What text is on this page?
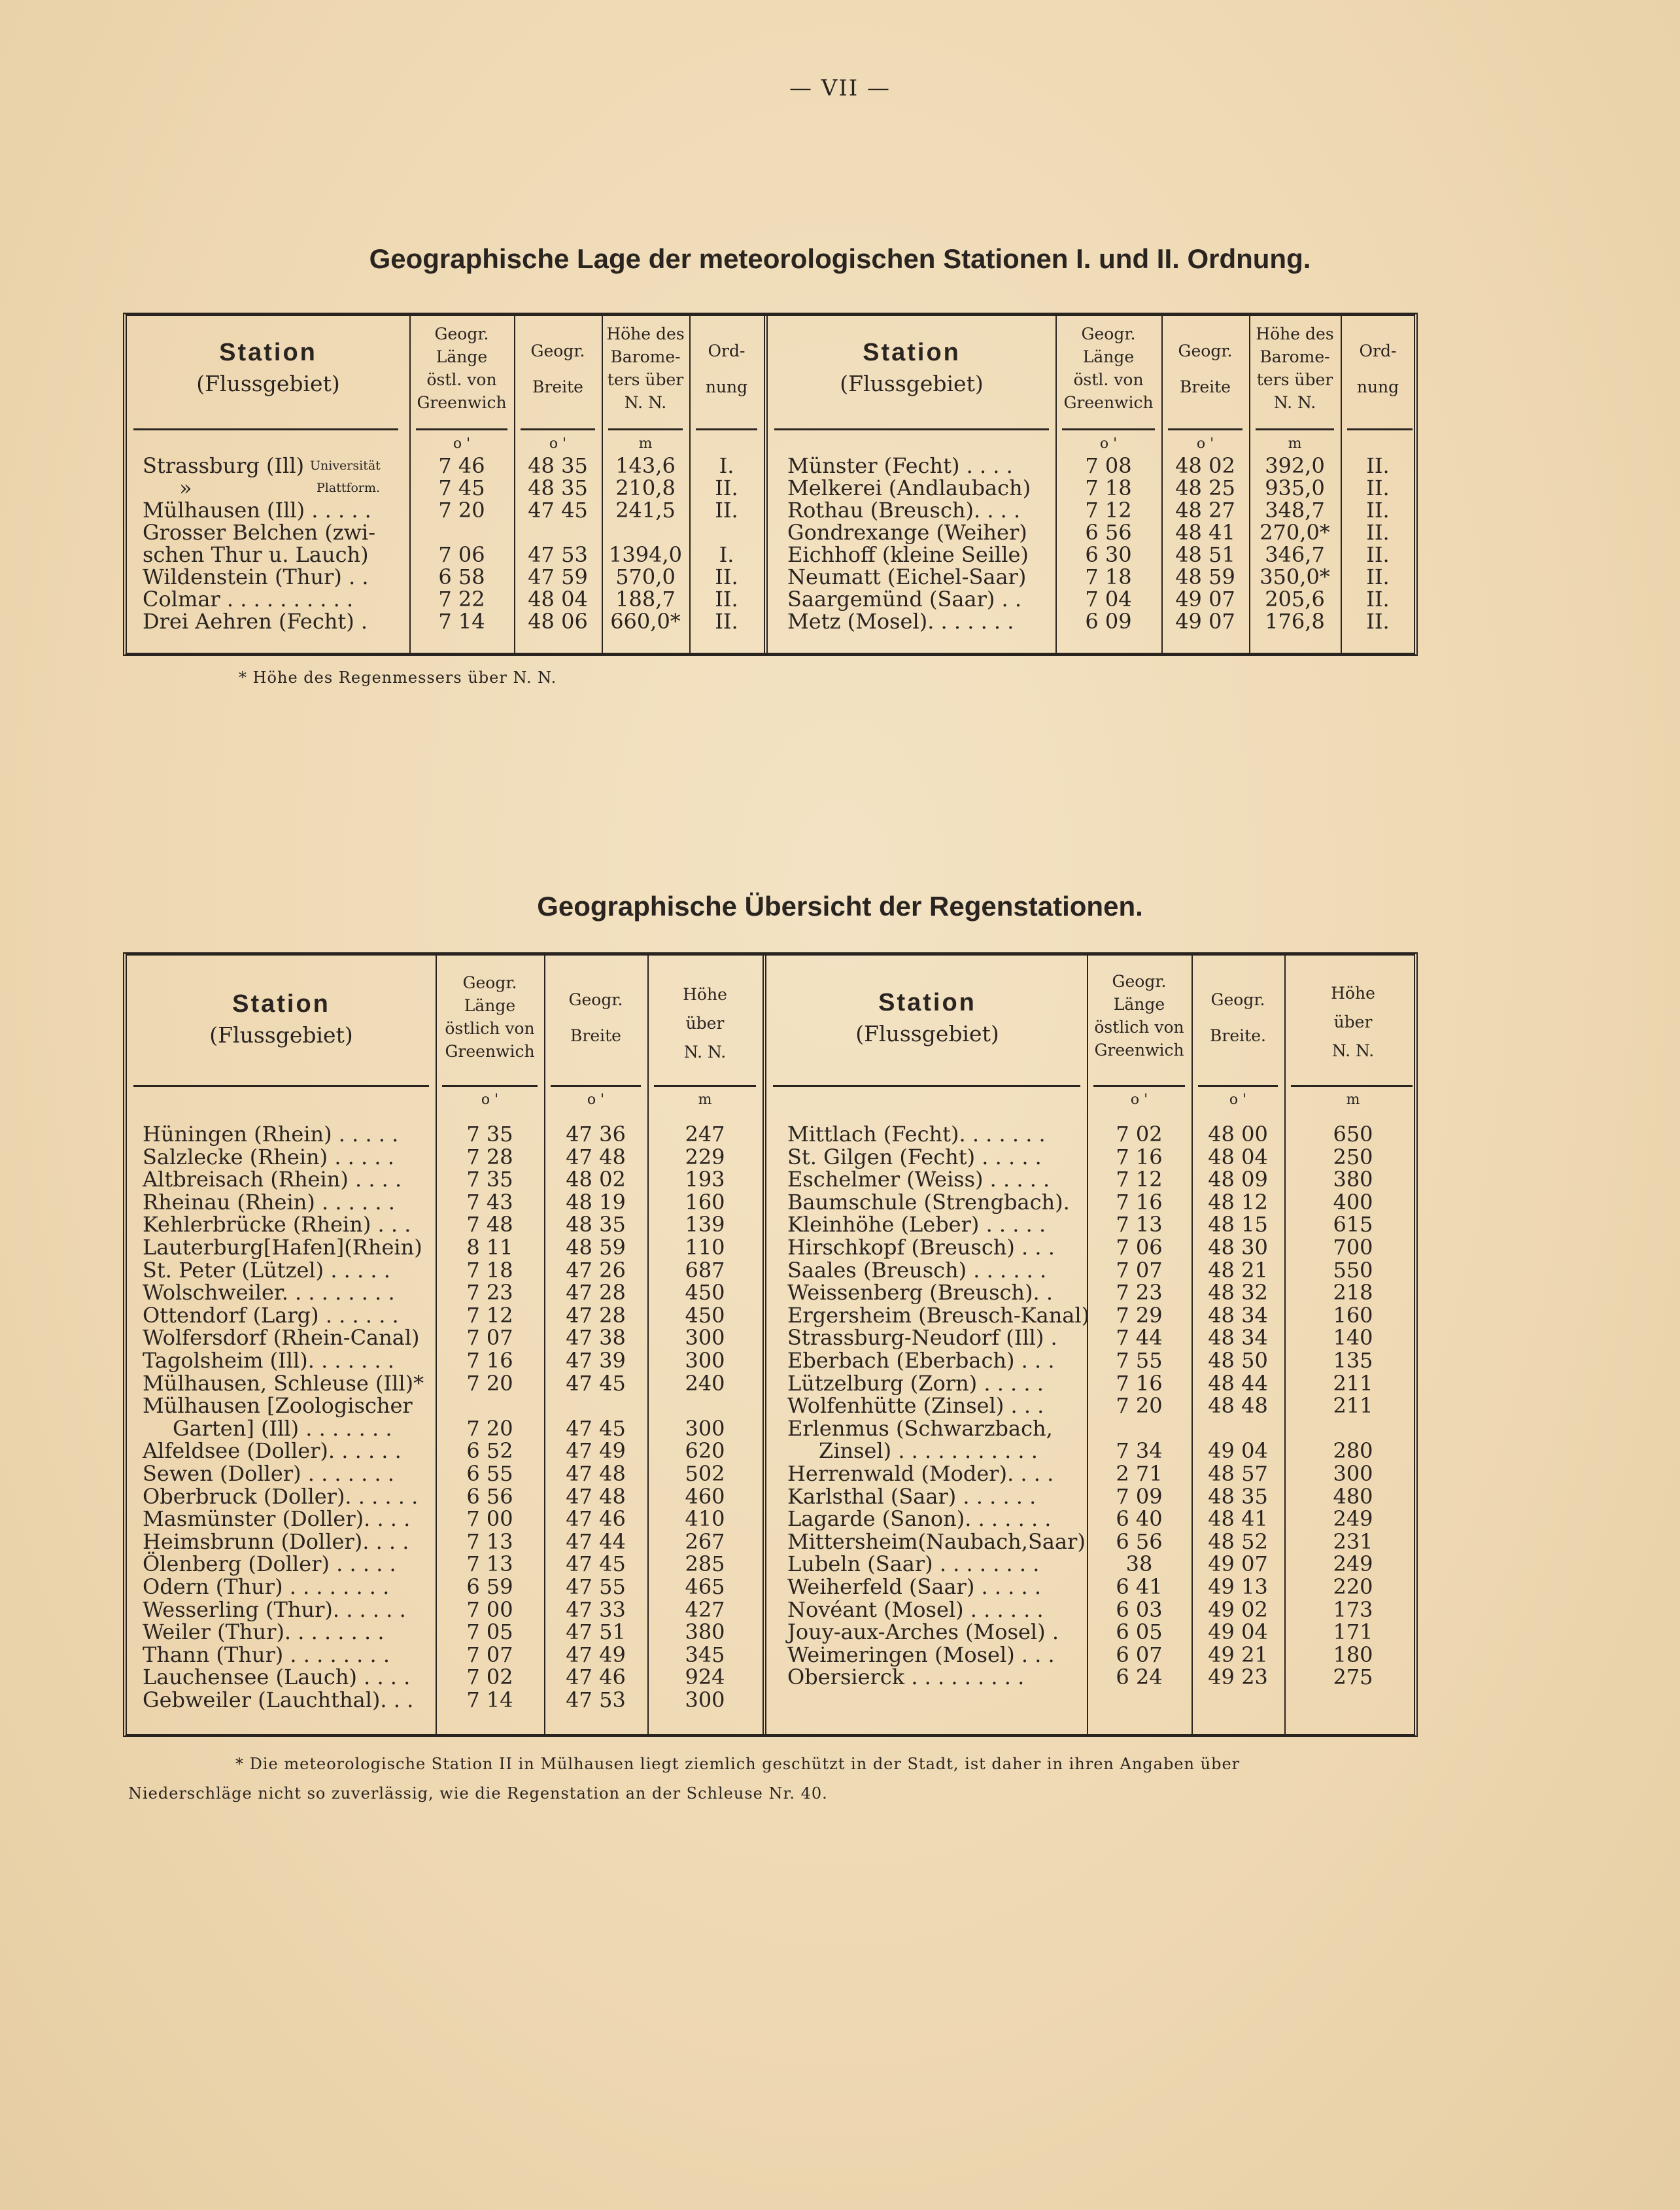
— VII —
Geographische Lage der meteorologischen Stationen I. und II. Ordnung.
Station
(Flussgebiet)
Geogr.
Länge
östl. von
Greenwich
Geogr.
Breite
Höhe des
Barome-
ters über
N. N.
Ord-
nung
Station
(Flussgebiet)
Geogr.
Länge
östl. von
Greenwich
Geogr.
Breite
Höhe des
Barome-
ters über
N. N.
Ord-
nung
o '	o '	m	o '	o '	m
Strassburg (Ill)	7 46	48 35	143,6	I.
Universität
»	7 45	48 35	210,8	II.
Plattform.
Mülhausen (Ill) . . . . .	7 20	47 45	241,5	II.
Grosser Belchen (zwi-
schen Thur u. Lauch)	7 06	47 53	1394,0	I.
Wildenstein (Thur) . .	6 58	47 59	570,0	II.
Colmar . . . . . . . . . .	7 22	48 04	188,7	II.
Drei Aehren (Fecht) .	7 14	48 06	660,0*	II.
Münster (Fecht) . . . .	7 08	48 02	392,0	II.
Melkerei (Andlaubach)	7 18	48 25	935,0	II.
Rothau (Breusch). . . .	7 12	48 27	348,7	II.
Gondrexange (Weiher)	6 56	48 41	270,0*	II.
Eichhoff (kleine Seille)	6 30	48 51	346,7	II.
Neumatt (Eichel-Saar)	7 18	48 59	350,0*	II.
Saargemünd (Saar) . .	7 04	49 07	205,6	II.
Metz (Mosel). . . . . . .	6 09	49 07	176,8	II.
* Höhe des Regenmessers über N. N.
Geographische Übersicht der Regenstationen.
Station
(Flussgebiet)
Geogr.
Länge
östlich von
Greenwich
Geogr.
Breite
Höhe
über
N. N.
Station
(Flussgebiet)
Geogr.
Länge
östlich von
Greenwich
Geogr.
Breite.
Höhe
über
N. N.
o '	o '	m	o '	o '	m
Hüningen (Rhein) . . . . .	7 35	47 36	247
Salzlecke (Rhein) . . . . .	7 28	47 48	229
Altbreisach (Rhein) . . . .	7 35	48 02	193
Rheinau (Rhein) . . . . . .	7 43	48 19	160
Kehlerbrücke (Rhein) . . .	7 48	48 35	139
Lauterburg[Hafen](Rhein)	8 11	48 59	110
St. Peter (Lützel) . . . . .	7 18	47 26	687
Wolschweiler. . . . . . . . .	7 23	47 28	450
Ottendorf (Larg) . . . . . .	7 12	47 28	450
Wolfersdorf (Rhein-Canal)	7 07	47 38	300
Tagolsheim (Ill). . . . . . .	7 16	47 39	300
Mülhausen, Schleuse (Ill)*	7 20	47 45	240
Mülhausen [Zoologischer
Garten] (Ill) . . . . . . .	7 20	47 45	300
Alfeldsee (Doller). . . . . .	6 52	47 49	620
Sewen (Doller) . . . . . . .	6 55	47 48	502
Oberbruck (Doller). . . . . .	6 56	47 48	460
Masmünster (Doller). . . .	7 00	47 46	410
Heimsbrunn (Doller). . . .	7 13	47 44	267
Ölenberg (Doller) . . . . .	7 13	47 45	285
Odern (Thur) . . . . . . . .	6 59	47 55	465
Wesserling (Thur). . . . . .	7 00	47 33	427
Weiler (Thur). . . . . . . .	7 05	47 51	380
Thann (Thur) . . . . . . . .	7 07	47 49	345
Lauchensee (Lauch) . . . .	7 02	47 46	924
Gebweiler (Lauchthal). . .	7 14	47 53	300
Mittlach (Fecht). . . . . . .	7 02	48 00	650
St. Gilgen (Fecht) . . . . .	7 16	48 04	250
Eschelmer (Weiss) . . . . .	7 12	48 09	380
Baumschule (Strengbach).	7 16	48 12	400
Kleinhöhe (Leber) . . . . .	7 13	48 15	615
Hirschkopf (Breusch) . . .	7 06	48 30	700
Saales (Breusch) . . . . . .	7 07	48 21	550
Weissenberg (Breusch). .	7 23	48 32	218
Ergersheim (Breusch-Kanal)	7 29	48 34	160
Strassburg-Neudorf (Ill) .	7 44	48 34	140
Eberbach (Eberbach) . . .	7 55	48 50	135
Lützelburg (Zorn) . . . . .	7 16	48 44	211
Wolfenhütte (Zinsel) . . .	7 20	48 48	211
Erlenmus (Schwarzbach,
Zinsel) . . . . . . . . . . .	7 34	49 04	280
Herrenwald (Moder). . . .	2 71	48 57	300
Karlsthal (Saar) . . . . . .	7 09	48 35	480
Lagarde (Sanon). . . . . . .	6 40	48 41	249
Mittersheim(Naubach,Saar)	6 56	48 52	231
Lubeln (Saar) . . . . . . . .	38	49 07	249
Weiherfeld (Saar) . . . . .	6 41	49 13	220
Novéant (Mosel) . . . . . .	6 03	49 02	173
Jouy-aux-Arches (Mosel) .	6 05	49 04	171
Weimeringen (Mosel) . . .	6 07	49 21	180
Obersierck . . . . . . . . .	6 24	49 23	275
* Die meteorologische Station II in Mülhausen liegt ziemlich geschützt in der Stadt, ist daher in ihren Angaben über
Niederschläge nicht so zuverlässig, wie die Regenstation an der Schleuse Nr. 40.
